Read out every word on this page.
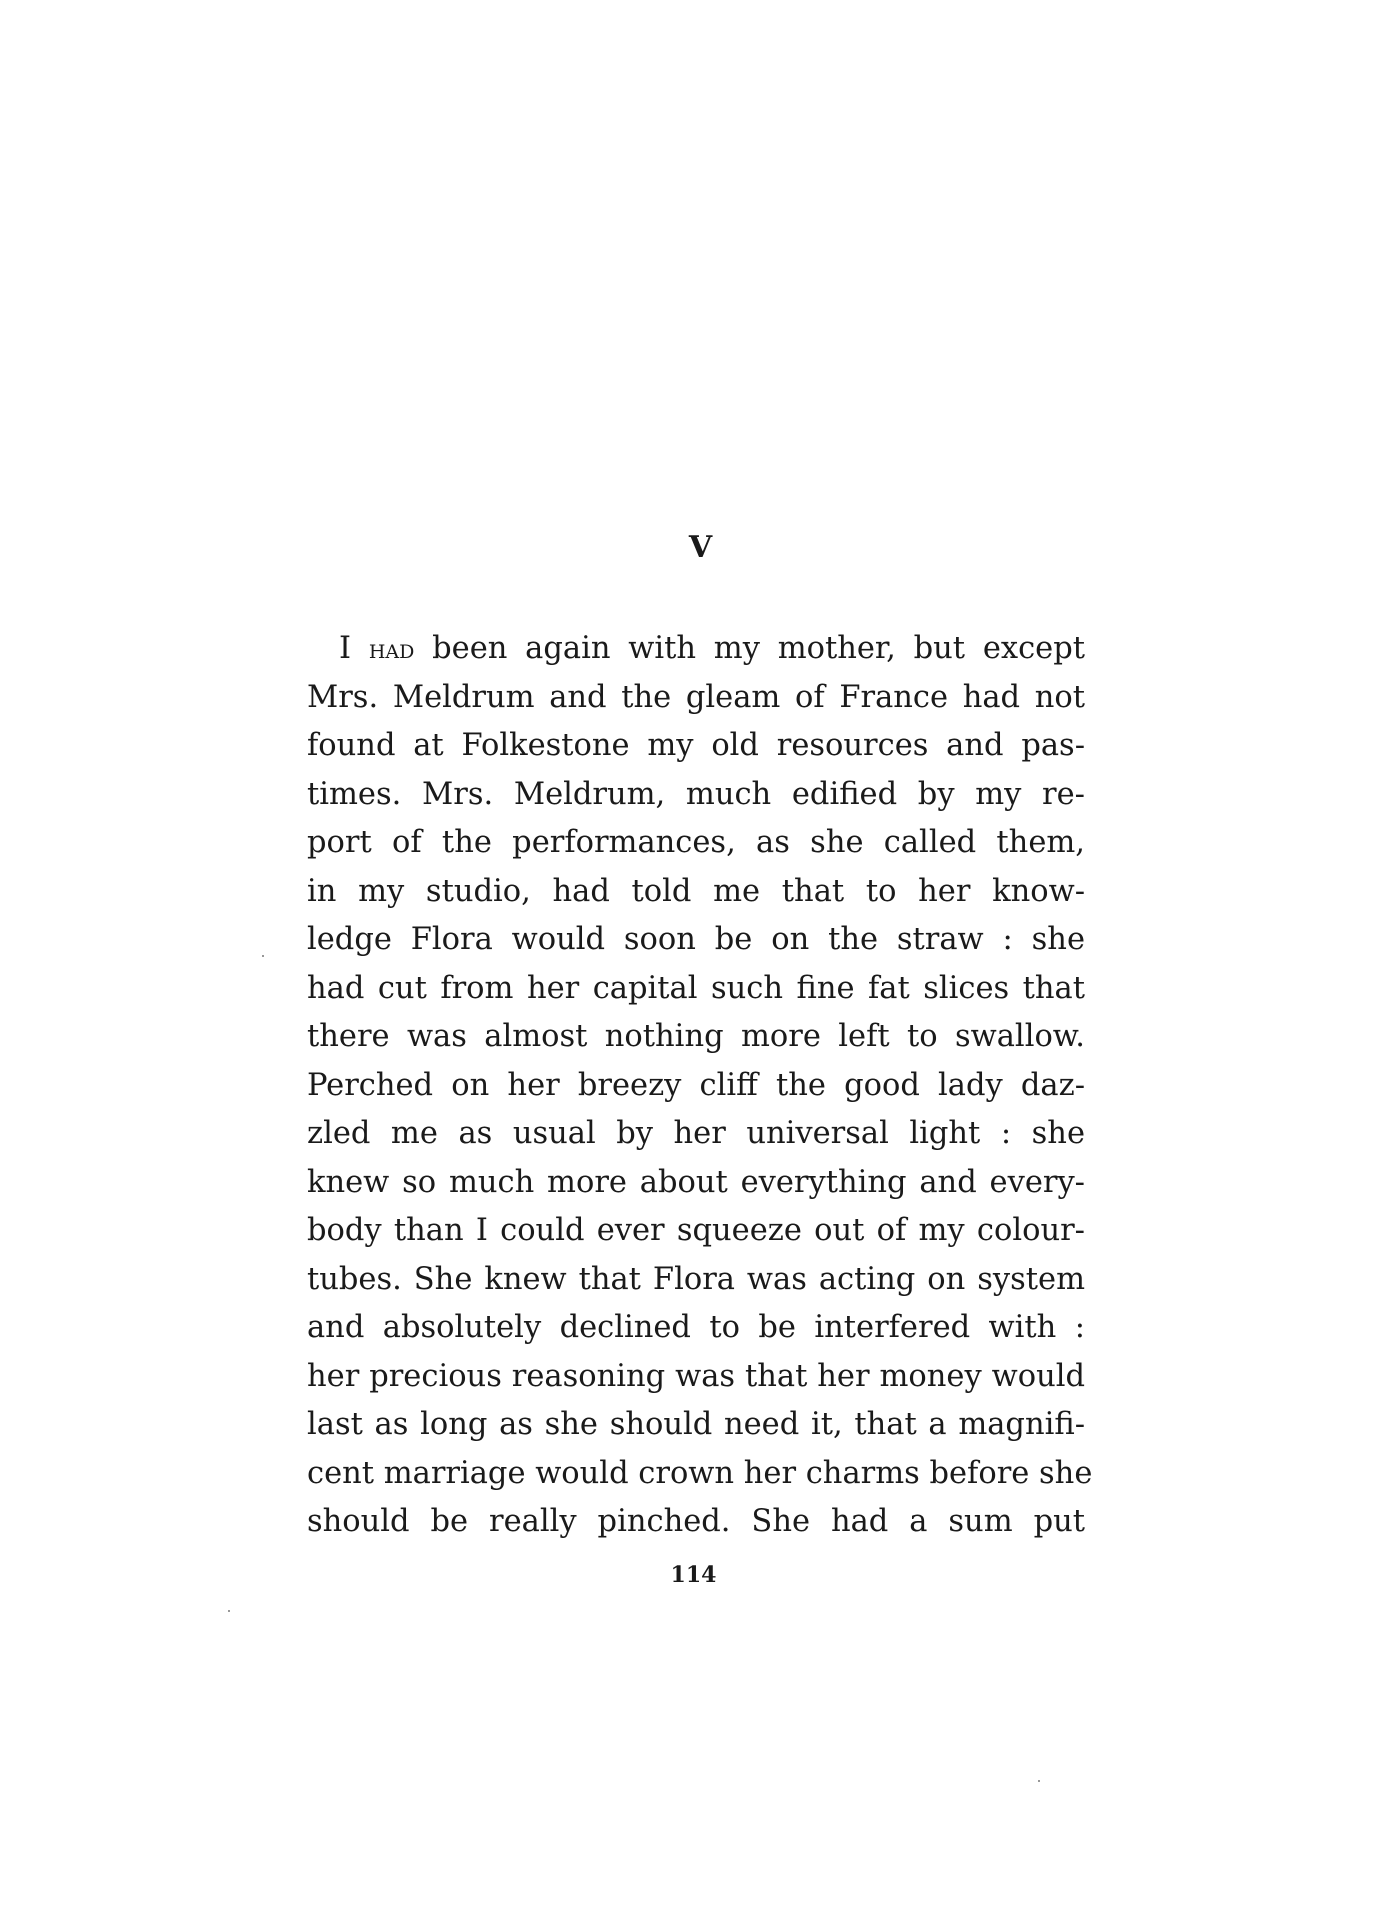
V
I had been again with my mother, but except
Mrs. Meldrum and the gleam of France had not
found at Folkestone my old resources and pas-
times. Mrs. Meldrum, much edified by my re-
port of the performances, as she called them,
in my studio, had told me that to her know-
ledge Flora would soon be on the straw : she
had cut from her capital such fine fat slices that
there was almost nothing more left to swallow.
Perched on her breezy cliff the good lady daz-
zled me as usual by her universal light : she
knew so much more about everything and every-
body than I could ever squeeze out of my colour-
tubes. She knew that Flora was acting on system
and absolutely declined to be interfered with :
her precious reasoning was that her money would
last as long as she should need it, that a magnifi-
cent marriage would crown her charms before she
should be really pinched. She had a sum put
114
